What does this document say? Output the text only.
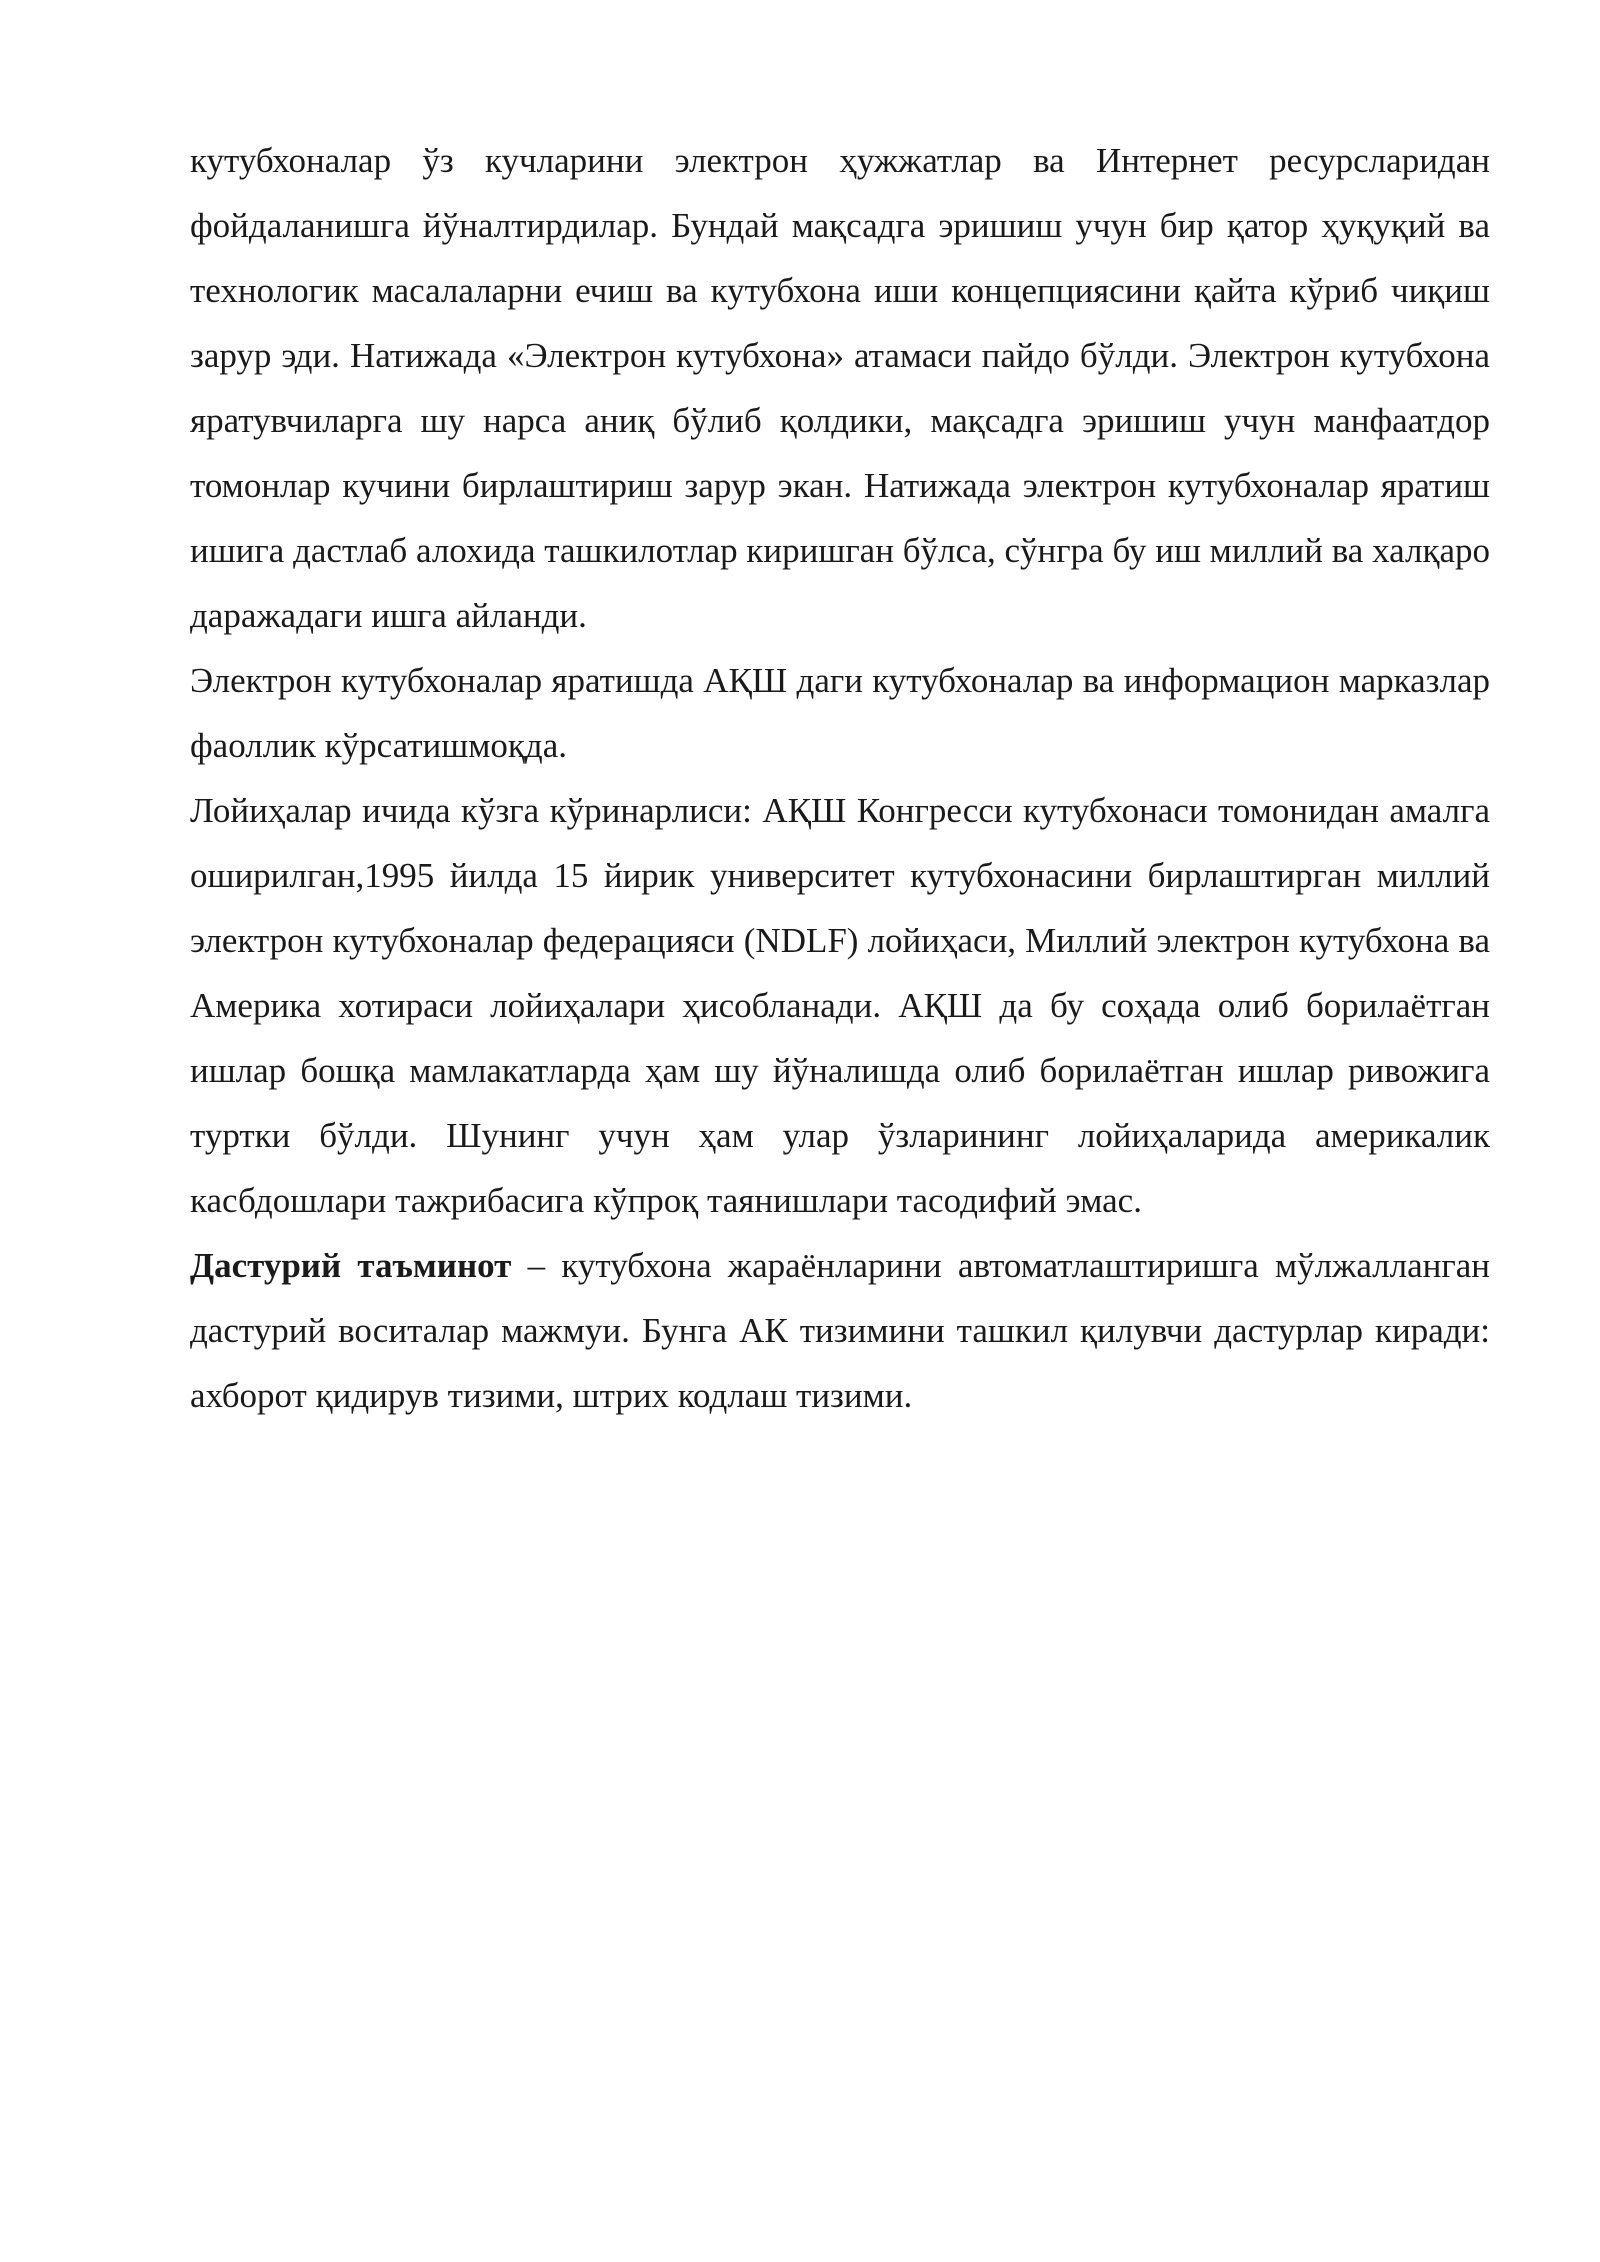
кутубхоналар ўз кучларини электрон ҳужжатлар ва Интернет ресурсларидан фойдаланишга йўналтирдилар. Бундай мақсадга эришиш учун бир қатор ҳуқуқий ва технологик масалаларни ечиш ва кутубхона иши концепциясини қайта кўриб чиқиш зарур эди. Натижада «Электрон кутубхона» атамаси пайдо бўлди. Электрон кутубхона яратувчиларга шу нарса аниқ бўлиб қолдики, мақсадга эришиш учун манфаатдор томонлар кучини бирлаштириш зарур экан. Натижада электрон кутубхоналар яратиш ишига дастлаб алохида ташкилотлар киришган бўлса, сўнгра бу иш миллий ва халқаро даражадаги ишга айланди.

Электрон кутубхоналар яратишда АҚШ даги кутубхоналар ва информацион марказлар фаоллик кўрсатишмоқда.

Лойиҳалар ичида кўзга кўринарлиси: АҚШ Конгресси кутубхонаси томонидан амалга оширилган,1995 йилда 15 йирик университет кутубхонасини бирлаштирган миллий электрон кутубхоналар федерацияси (NDLF) лойиҳаси, Миллий электрон кутубхона ва Америка хотираси лойиҳалари ҳисобланади. АҚШ да бу соҳада олиб борилаётган ишлар бошқа мамлакатларда ҳам шу йўналишда олиб борилаётган ишлар ривожига туртки бўлди. Шунинг учун ҳам улар ўзларининг лойиҳаларида америкалик касбдошлари тажрибасига кўпроқ таянишлари тасодифий эмас.

Дастурий таъминот – кутубхона жараёнларини автоматлаштиришга мўлжалланган дастурий воситалар мажмуи. Бунга АК тизимини ташкил қилувчи дастурлар киради: ахборот қидирув тизими, штрих кодлаш тизими.
